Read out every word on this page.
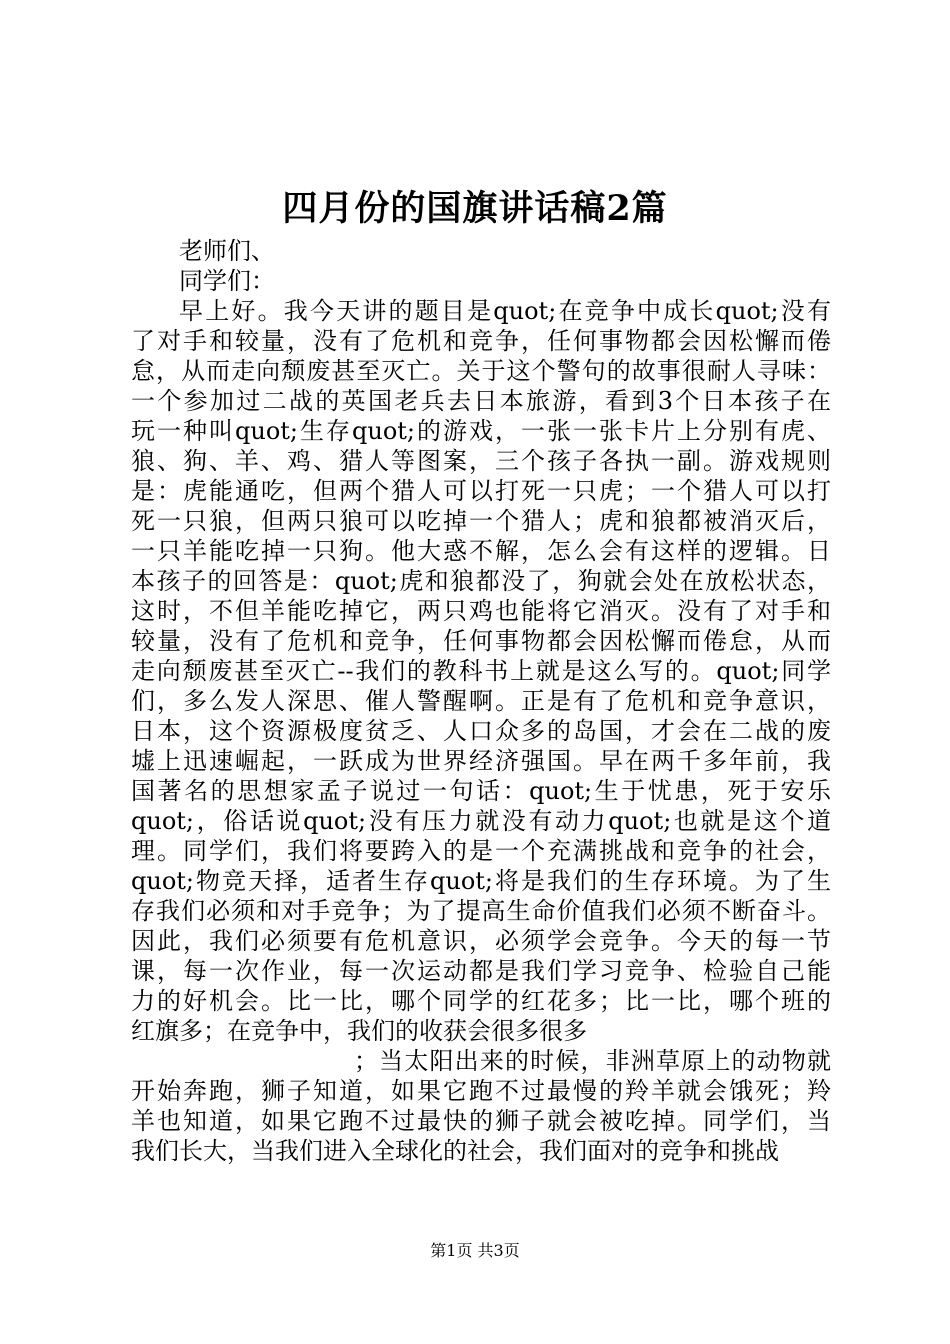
四月份的国旗讲话稿2篇
老师们、
同学们：
早上好。我今天讲的题目是quot;在竞争中成长quot;没有
了对手和较量，没有了危机和竞争，任何事物都会因松懈而倦
怠，从而走向颓废甚至灭亡。关于这个警句的故事很耐人寻味：
一个参加过二战的英国老兵去日本旅游，看到3个日本孩子在
玩一种叫quot;生存quot;的游戏，一张一张卡片上分别有虎、
狼、狗、羊、鸡、猎人等图案，三个孩子各执一副。游戏规则
是：虎能通吃，但两个猎人可以打死一只虎；一个猎人可以打
死一只狼，但两只狼可以吃掉一个猎人；虎和狼都被消灭后，
一只羊能吃掉一只狗。他大惑不解，怎么会有这样的逻辑。日
本孩子的回答是：quot;虎和狼都没了，狗就会处在放松状态，
这时，不但羊能吃掉它，两只鸡也能将它消灭。没有了对手和
较量，没有了危机和竞争，任何事物都会因松懈而倦怠，从而
走向颓废甚至灭亡--我们的教科书上就是这么写的。quot;同学
们，多么发人深思、催人警醒啊。正是有了危机和竞争意识，
日本，这个资源极度贫乏、人口众多的岛国，才会在二战的废
墟上迅速崛起，一跃成为世界经济强国。早在两千多年前，我
国著名的思想家孟子说过一句话：quot;生于忧患，死于安乐
quot;，俗话说quot;没有压力就没有动力quot;也就是这个道
理。同学们，我们将要跨入的是一个充满挑战和竞争的社会，
quot;物竞天择，适者生存quot;将是我们的生存环境。为了生
存我们必须和对手竞争；为了提高生命价值我们必须不断奋斗。
因此，我们必须要有危机意识，必须学会竞争。今天的每一节
课，每一次作业，每一次运动都是我们学习竞争、检验自己能
力的好机会。比一比，哪个同学的红花多；比一比，哪个班的
红旗多；在竞争中，我们的收获会很多很多
；当太阳出来的时候，非洲草原上的动物就
开始奔跑，狮子知道，如果它跑不过最慢的羚羊就会饿死；羚
羊也知道，如果它跑不过最快的狮子就会被吃掉。同学们，当
我们长大，当我们进入全球化的社会，我们面对的竞争和挑战
第1页 共3页
